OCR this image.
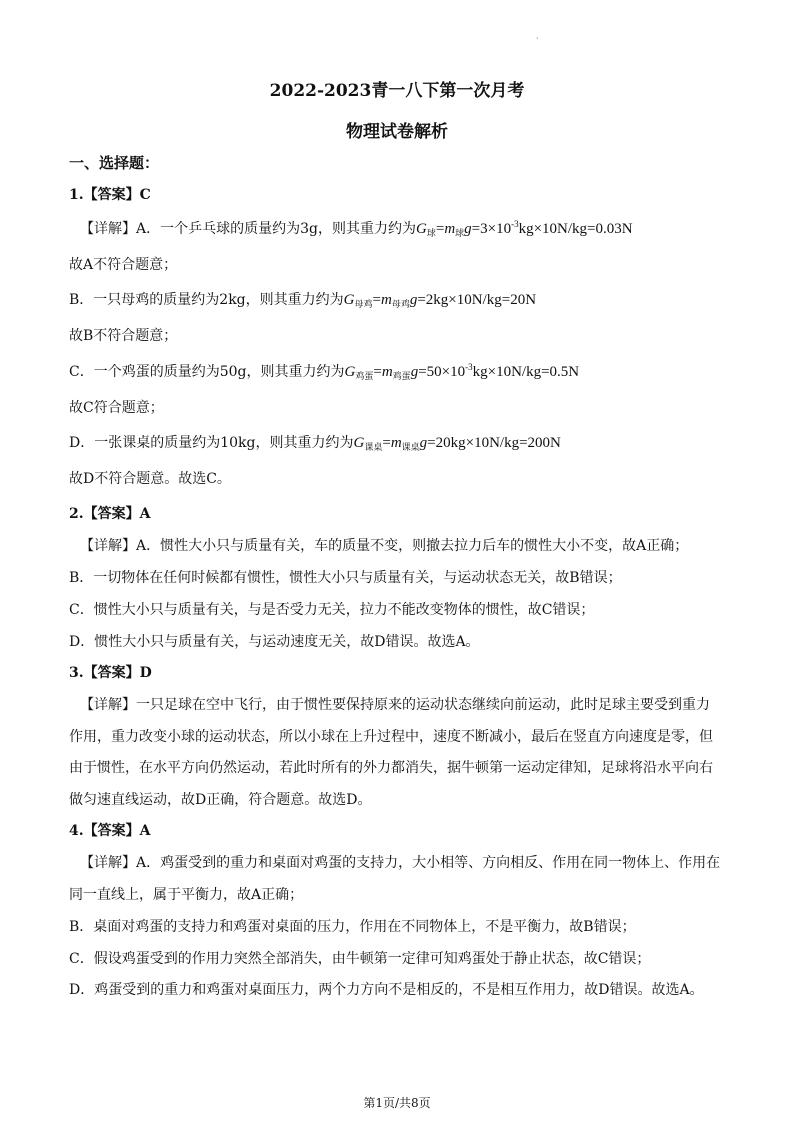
·
2022-2023青一八下第一次月考
物理试卷解析
一、选择题：
1.【答案】C
【详解】A．一个乒乓球的质量约为3g，则其重力约为$G_球=m_球g=3\times 10^{-3}kg\times 10N/kg=0.03N$
故A不符合题意；
B．一只母鸡的质量约为2kg，则其重力约为$G_{母鸡}=m_{母鸡}g=2kg\times 10N/kg=20N$
故B不符合题意；
C．一个鸡蛋的质量约为50g，则其重力约为$G_{鸡蛋}=m_{鸡蛋}g=50\times 10^{-3}kg\times 10N/kg=0.5N$
故C符合题意；
D．一张课桌的质量约为10kg，则其重力约为$G_{课桌}=m_{课桌}g=20kg\times 10N/kg=200N$
故D不符合题意。故选C。
2.【答案】A
【详解】A．惯性大小只与质量有关，车的质量不变，则撤去拉力后车的惯性大小不变，故A正确；
B．一切物体在任何时候都有惯性，惯性大小只与质量有关，与运动状态无关，故B错误；
C．惯性大小只与质量有关，与是否受力无关，拉力不能改变物体的惯性，故C错误；
D．惯性大小只与质量有关，与运动速度无关，故D错误。故选A。
3.【答案】D
【详解】一只足球在空中飞行，由于惯性要保持原来的运动状态继续向前运动，此时足球主要受到重力
作用，重力改变小球的运动状态，所以小球在上升过程中，速度不断减小，最后在竖直方向速度是零，但
由于惯性，在水平方向仍然运动，若此时所有的外力都消失，据牛顿第一运动定律知，足球将沿水平向右
做匀速直线运动，故D正确，符合题意。故选D。
4.【答案】A
【详解】A．鸡蛋受到的重力和桌面对鸡蛋的支持力，大小相等、方向相反、作用在同一物体上、作用在
同一直线上，属于平衡力，故A正确；
B．桌面对鸡蛋的支持力和鸡蛋对桌面的压力，作用在不同物体上，不是平衡力，故B错误；
C．假设鸡蛋受到的作用力突然全部消失，由牛顿第一定律可知鸡蛋处于静止状态，故C错误；
D．鸡蛋受到的重力和鸡蛋对桌面压力，两个力方向不是相反的，不是相互作用力，故D错误。故选A。
第1页/共8页
